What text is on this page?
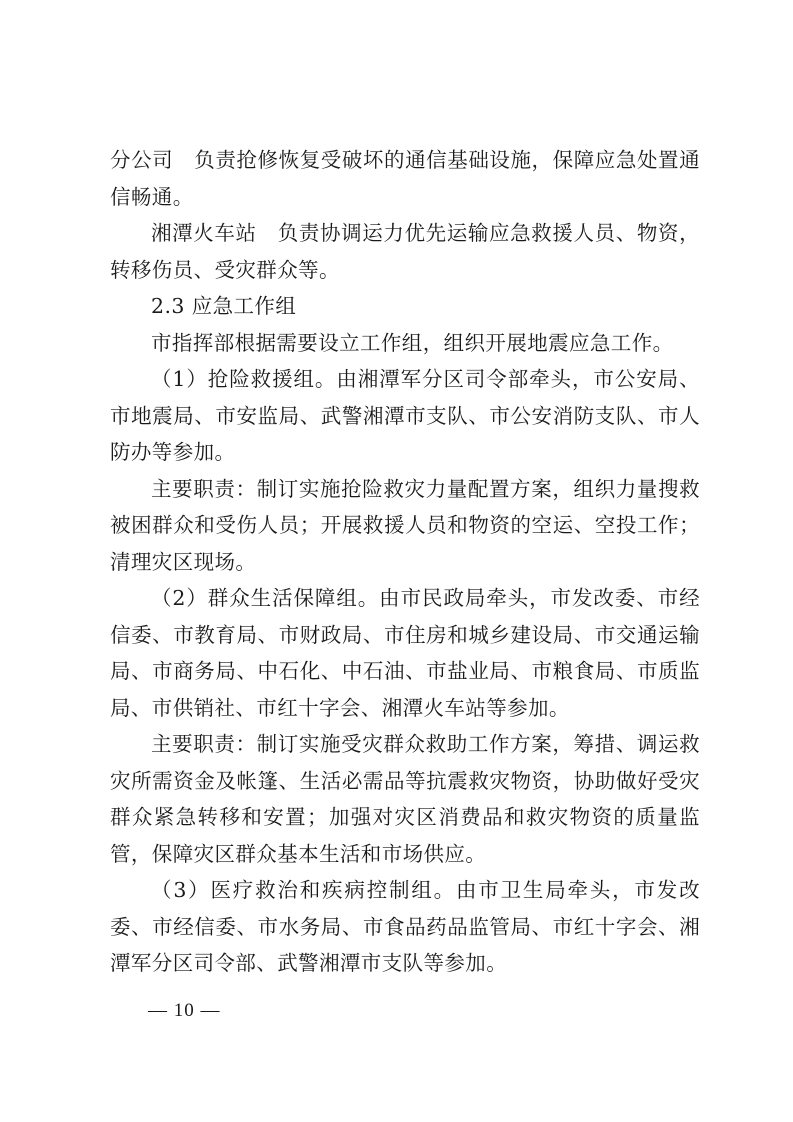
分公司　负责抢修恢复受破坏的通信基础设施，保障应急处置通信畅通。

湘潭火车站　负责协调运力优先运输应急救援人员、物资，转移伤员、受灾群众等。

2.3 应急工作组

市指挥部根据需要设立工作组，组织开展地震应急工作。

（1）抢险救援组。由湘潭军分区司令部牵头，市公安局、市地震局、市安监局、武警湘潭市支队、市公安消防支队、市人防办等参加。

主要职责：制订实施抢险救灾力量配置方案，组织力量搜救被困群众和受伤人员；开展救援人员和物资的空运、空投工作；清理灾区现场。

（2）群众生活保障组。由市民政局牵头，市发改委、市经信委、市教育局、市财政局、市住房和城乡建设局、市交通运输局、市商务局、中石化、中石油、市盐业局、市粮食局、市质监局、市供销社、市红十字会、湘潭火车站等参加。

主要职责：制订实施受灾群众救助工作方案，筹措、调运救灾所需资金及帐篷、生活必需品等抗震救灾物资，协助做好受灾群众紧急转移和安置；加强对灾区消费品和救灾物资的质量监管，保障灾区群众基本生活和市场供应。

（3）医疗救治和疾病控制组。由市卫生局牵头，市发改委、市经信委、市水务局、市食品药品监管局、市红十字会、湘潭军分区司令部、武警湘潭市支队等参加。

— 10 —
